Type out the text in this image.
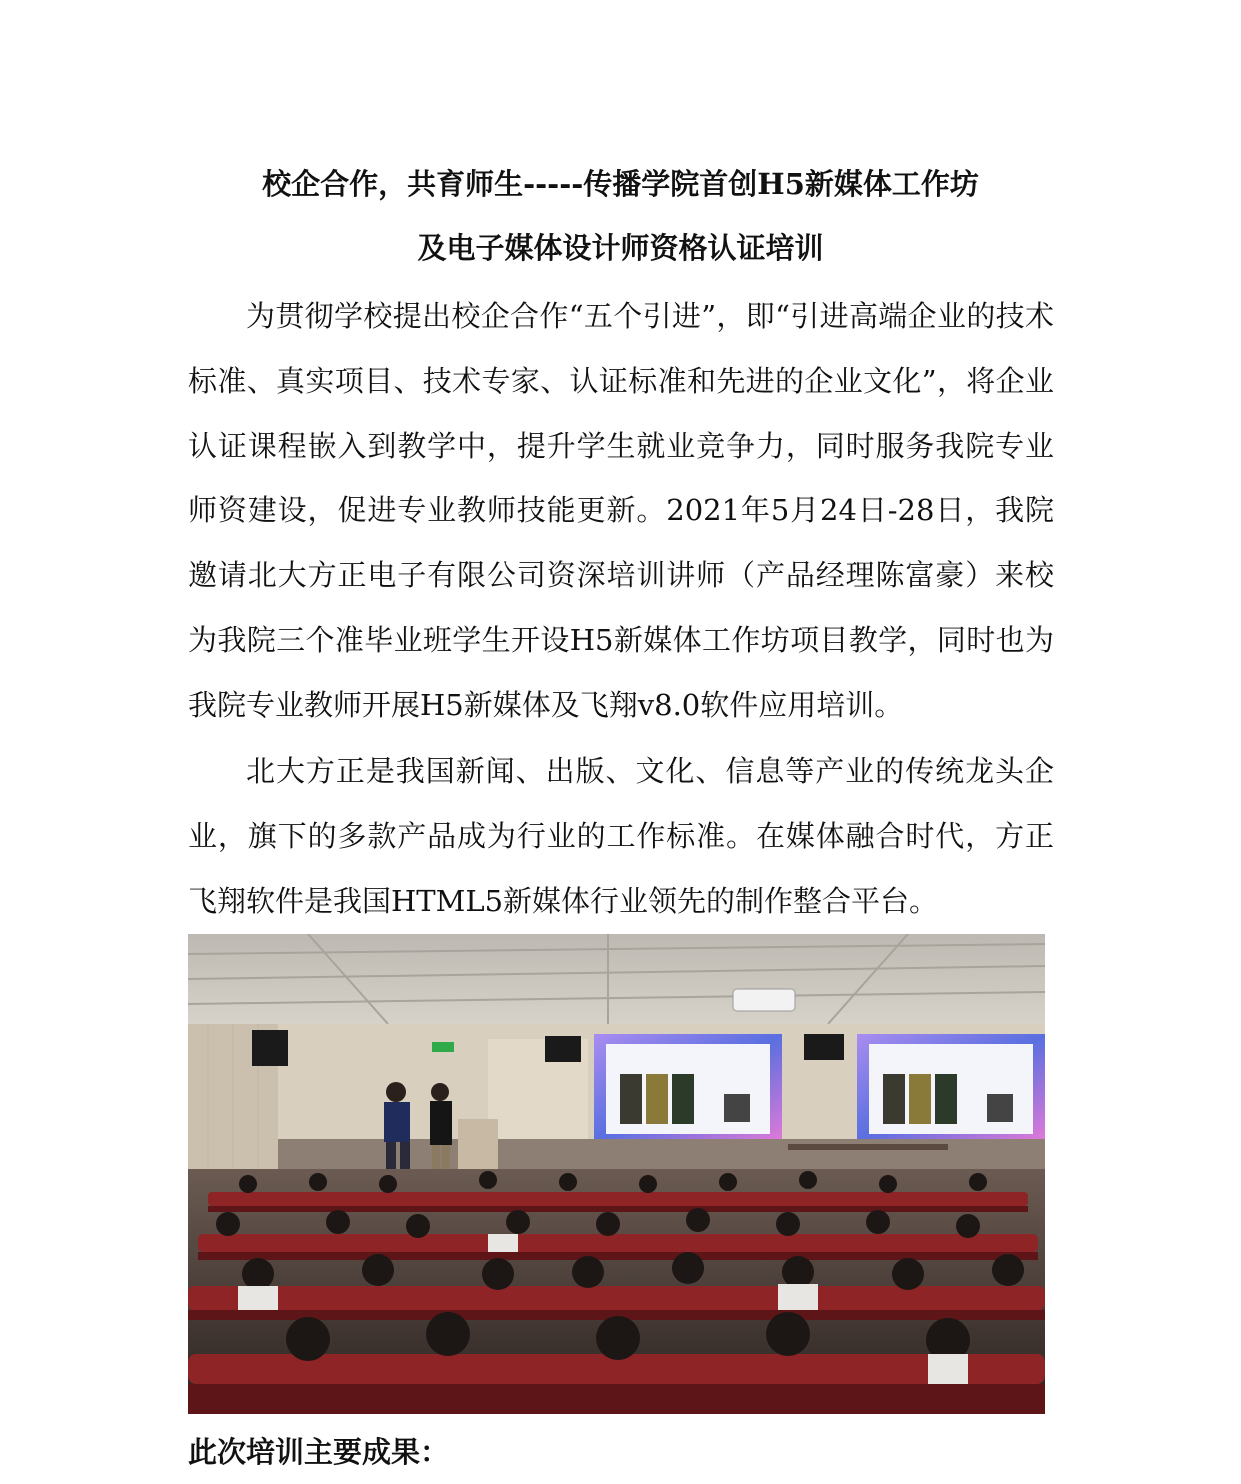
校企合作，共育师生-----传播学院首创H5新媒体工作坊
及电子媒体设计师资格认证培训

为贯彻学校提出校企合作“五个引进”，即“引进高端企业的技术标准、真实项目、技术专家、认证标准和先进的企业文化”，将企业认证课程嵌入到教学中，提升学生就业竞争力，同时服务我院专业师资建设，促进专业教师技能更新。2021年5月24日-28日，我院邀请北大方正电子有限公司资深培训讲师（产品经理陈富豪）来校为我院三个准毕业班学生开设H5新媒体工作坊项目教学，同时也为我院专业教师开展H5新媒体及飞翔v8.0软件应用培训。

北大方正是我国新闻、出版、文化、信息等产业的传统龙头企业，旗下的多款产品成为行业的工作标准。在媒体融合时代，方正飞翔软件是我国HTML5新媒体行业领先的制作整合平台。

此次培训主要成果：
